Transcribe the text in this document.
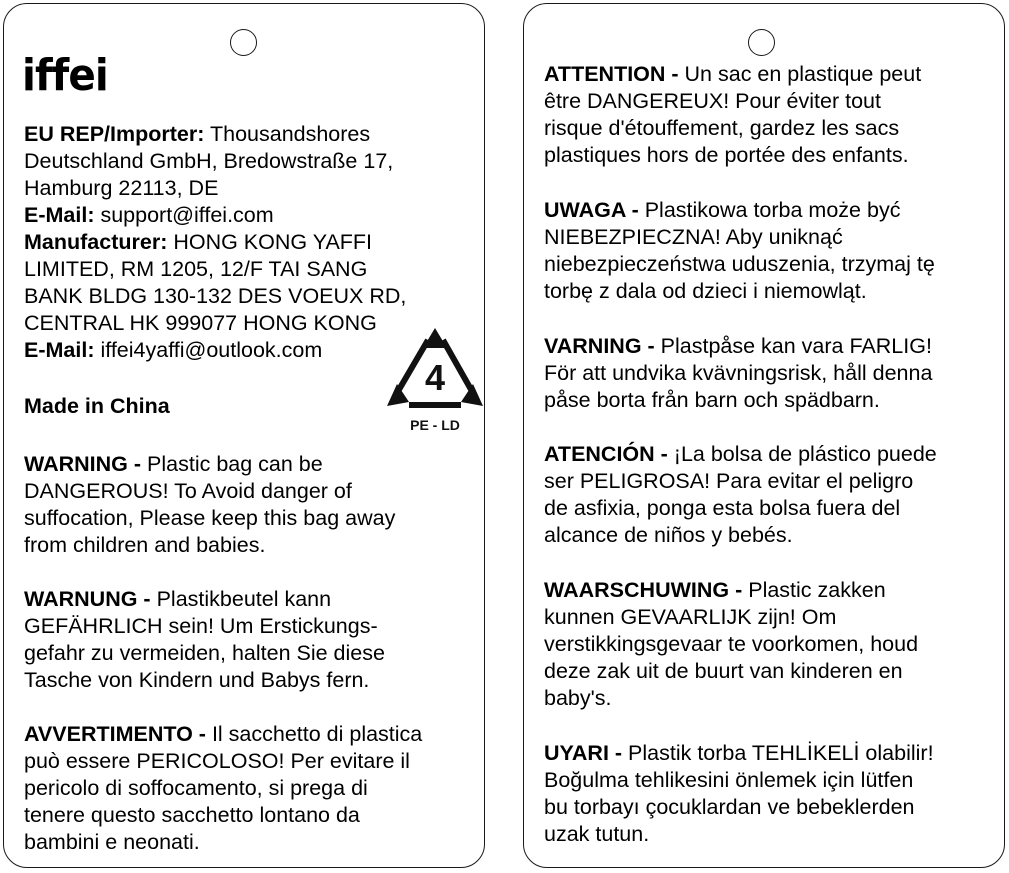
iffei
EU REP/Importer: Thousandshores
Deutschland GmbH, Bredowstraße 17,
Hamburg 22113, DE
E-Mail: support@iffei.com
Manufacturer: HONG KONG YAFFI
LIMITED, RM 1205, 12/F TAI SANG
BANK BLDG 130-132 DES VOEUX RD,
CENTRAL HK 999077 HONG KONG
E-Mail: iffei4yaffi@outlook.com
Made in China
4
PE - LD
WARNING - Plastic bag can be
DANGEROUS! To Avoid danger of
suffocation, Please keep this bag away
from children and babies.
WARNUNG - Plastikbeutel kann
GEFÄHRLICH sein! Um Erstickungs-
gefahr zu vermeiden, halten Sie diese
Tasche von Kindern und Babys fern.
AVVERTIMENTO - Il sacchetto di plastica
può essere PERICOLOSO! Per evitare il
pericolo di soffocamento, si prega di
tenere questo sacchetto lontano da
bambini e neonati.
ATTENTION - Un sac en plastique peut
être DANGEREUX! Pour éviter tout
risque d'étouffement, gardez les sacs
plastiques hors de portée des enfants.
UWAGA - Plastikowa torba może być
NIEBEZPIECZNA! Aby uniknąć
niebezpieczeństwa uduszenia, trzymaj tę
torbę z dala od dzieci i niemowląt.
VARNING - Plastpåse kan vara FARLIG!
För att undvika kvävningsrisk, håll denna
påse borta från barn och spädbarn.
ATENCIÓN - ¡La bolsa de plástico puede
ser PELIGROSA! Para evitar el peligro
de asfixia, ponga esta bolsa fuera del
alcance de niños y bebés.
WAARSCHUWING - Plastic zakken
kunnen GEVAARLIJK zijn! Om
verstikkingsgevaar te voorkomen, houd
deze zak uit de buurt van kinderen en
baby's.
UYARI - Plastik torba TEHLİKELİ olabilir!
Boğulma tehlikesini önlemek için lütfen
bu torbayı çocuklardan ve bebeklerden
uzak tutun.
